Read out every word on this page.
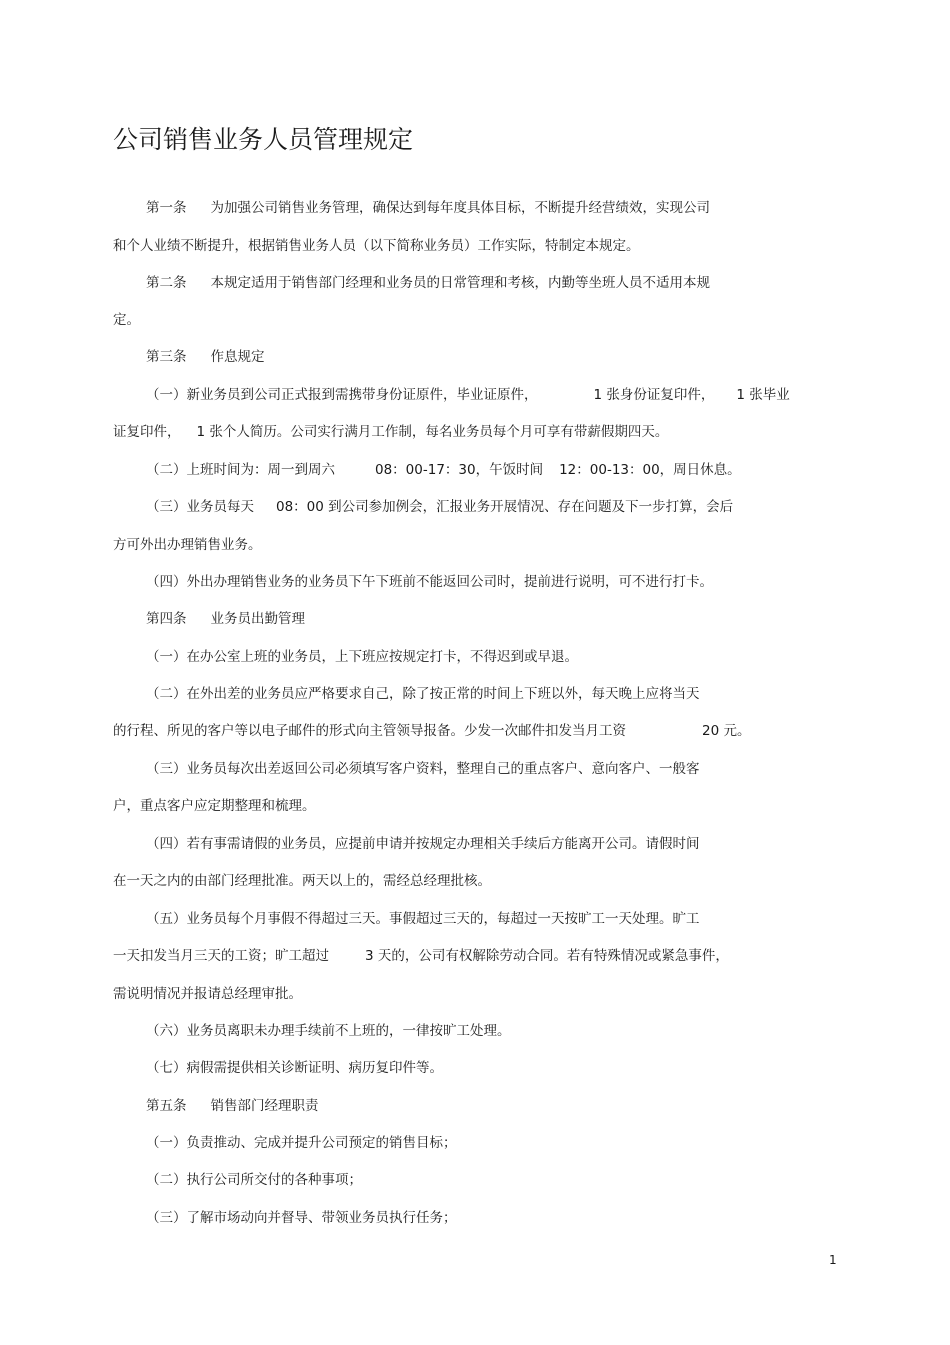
公司销售业务人员管理规定
第一条 为加强公司销售业务管理，确保达到每年度具体目标，不断提升经营绩效，实现公司
和个人业绩不断提升，根据销售业务人员（以下简称业务员）工作实际，特制定本规定。
第二条 本规定适用于销售部门经理和业务员的日常管理和考核，内勤等坐班人员不适用本规
定。
第三条 作息规定
（一）新业务员到公司正式报到需携带身份证原件，毕业证原件，	1 张身份证复印件， 1 张毕业
证复印件， 1 张个人简历。公司实行满月工作制，每名业务员每个月可享有带薪假期四天。
（二）上班时间为：周一到周六	08：00-17：30，午饭时间 12：00-13：00，周日休息。
（三）业务员每天 08：00 到公司参加例会，汇报业务开展情况、存在问题及下一步打算，会后
方可外出办理销售业务。
（四）外出办理销售业务的业务员下午下班前不能返回公司时，提前进行说明，可不进行打卡。
第四条 业务员出勤管理
（一）在办公室上班的业务员，上下班应按规定打卡，不得迟到或早退。
（二）在外出差的业务员应严格要求自己，除了按正常的时间上下班以外，每天晚上应将当天
的行程、所见的客户等以电子邮件的形式向主管领导报备。少发一次邮件扣发当月工资	20 元。
（三）业务员每次出差返回公司必须填写客户资料，整理自己的重点客户、意向客户、一般客
户，重点客户应定期整理和梳理。
（四）若有事需请假的业务员，应提前申请并按规定办理相关手续后方能离开公司。请假时间
在一天之内的由部门经理批准。两天以上的，需经总经理批核。
（五）业务员每个月事假不得超过三天。事假超过三天的，每超过一天按旷工一天处理。旷工
一天扣发当月三天的工资；旷工超过	3 天的，公司有权解除劳动合同。若有特殊情况或紧急事件，
需说明情况并报请总经理审批。
（六）业务员离职未办理手续前不上班的，一律按旷工处理。
（七）病假需提供相关诊断证明、病历复印件等。
第五条 销售部门经理职责
（一）负责推动、完成并提升公司预定的销售目标；
（二）执行公司所交付的各种事项；
（三）了解市场动向并督导、带领业务员执行任务；
1
